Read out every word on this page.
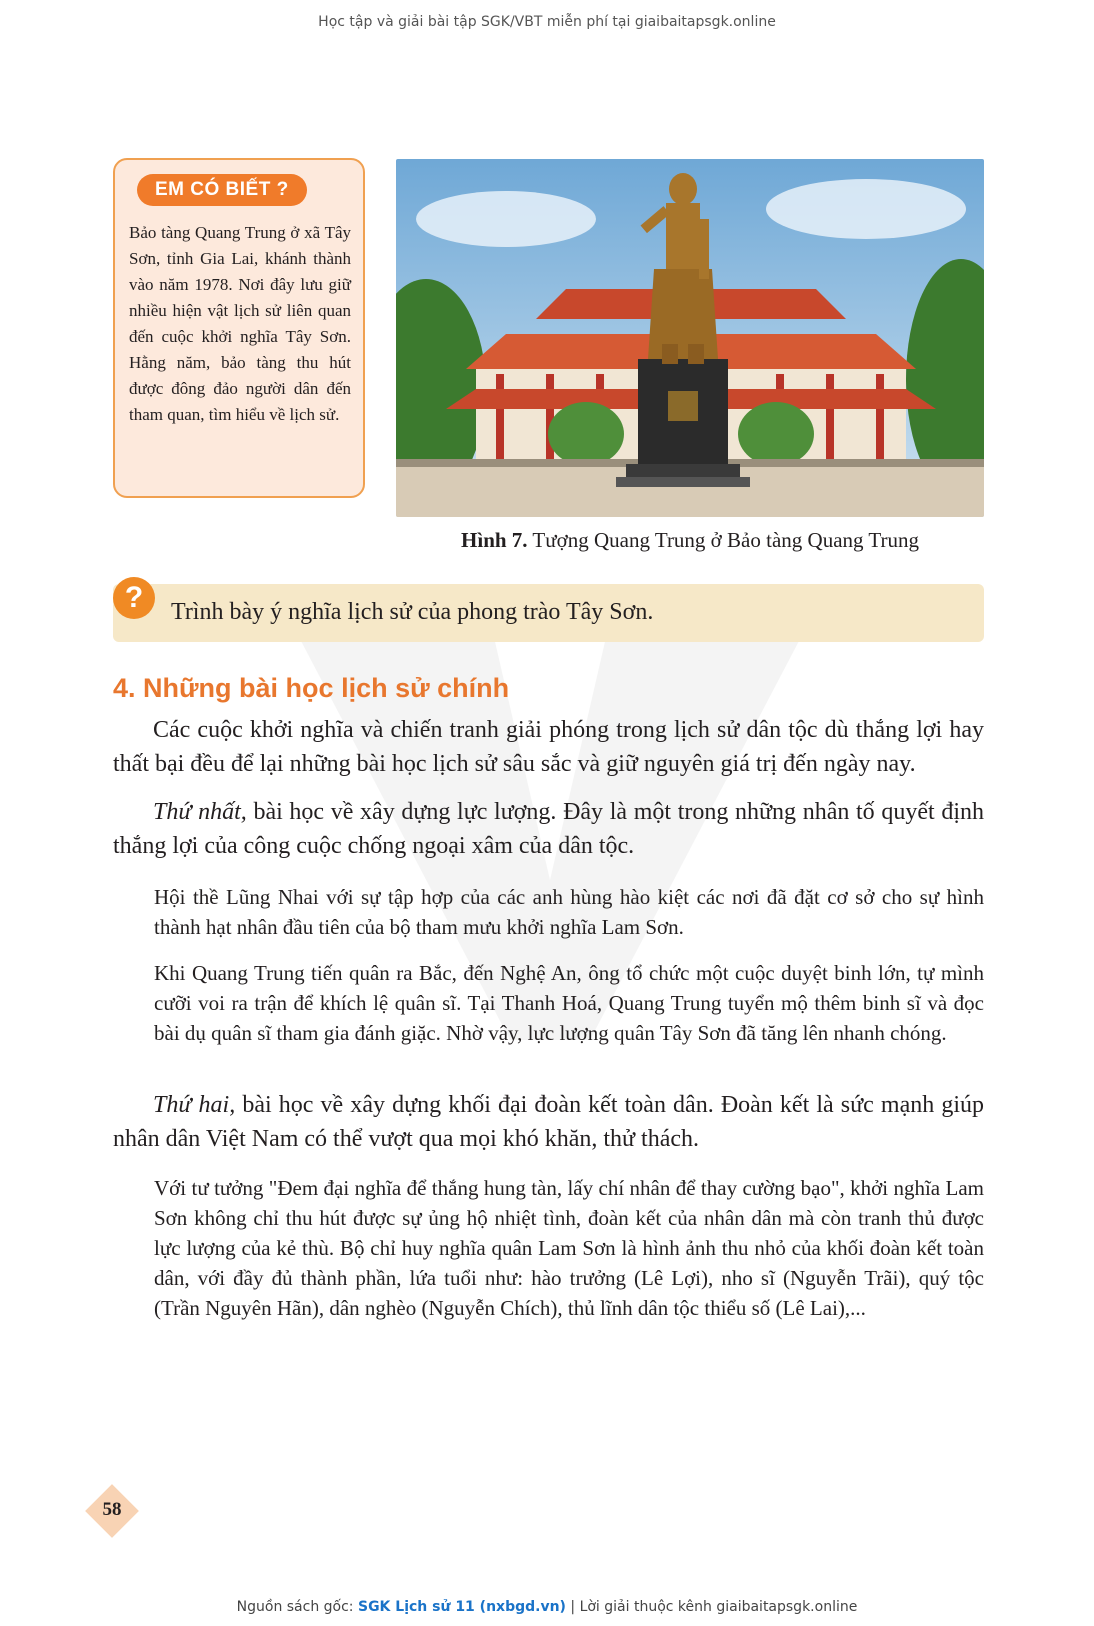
Học tập và giải bài tập SGK/VBT miễn phí tại giaibaitapsgk.online
EM CÓ BIẾT ?
Bảo tàng Quang Trung ở xã Tây Sơn, tỉnh Gia Lai, khánh thành vào năm 1978. Nơi đây lưu giữ nhiều hiện vật lịch sử liên quan đến cuộc khởi nghĩa Tây Sơn. Hằng năm, bảo tàng thu hút được đông đảo người dân đến tham quan, tìm hiểu về lịch sử.
Hình 7. Tượng Quang Trung ở Bảo tàng Quang Trung
?	Trình bày ý nghĩa lịch sử của phong trào Tây Sơn.
4. Những bài học lịch sử chính
Các cuộc khởi nghĩa và chiến tranh giải phóng trong lịch sử dân tộc dù thắng lợi hay thất bại đều để lại những bài học lịch sử sâu sắc và giữ nguyên giá trị đến ngày nay.
Thứ nhất, bài học về xây dựng lực lượng. Đây là một trong những nhân tố quyết định thắng lợi của công cuộc chống ngoại xâm của dân tộc.
Hội thề Lũng Nhai với sự tập hợp của các anh hùng hào kiệt các nơi đã đặt cơ sở cho sự hình thành hạt nhân đầu tiên của bộ tham mưu khởi nghĩa Lam Sơn.
Khi Quang Trung tiến quân ra Bắc, đến Nghệ An, ông tổ chức một cuộc duyệt binh lớn, tự mình cưỡi voi ra trận để khích lệ quân sĩ. Tại Thanh Hoá, Quang Trung tuyển mộ thêm binh sĩ và đọc bài dụ quân sĩ tham gia đánh giặc. Nhờ vậy, lực lượng quân Tây Sơn đã tăng lên nhanh chóng.
Thứ hai, bài học về xây dựng khối đại đoàn kết toàn dân. Đoàn kết là sức mạnh giúp nhân dân Việt Nam có thể vượt qua mọi khó khăn, thử thách.
Với tư tưởng "Đem đại nghĩa để thắng hung tàn, lấy chí nhân để thay cường bạo", khởi nghĩa Lam Sơn không chỉ thu hút được sự ủng hộ nhiệt tình, đoàn kết của nhân dân mà còn tranh thủ được lực lượng của kẻ thù. Bộ chỉ huy nghĩa quân Lam Sơn là hình ảnh thu nhỏ của khối đoàn kết toàn dân, với đầy đủ thành phần, lứa tuổi như: hào trưởng (Lê Lợi), nho sĩ (Nguyễn Trãi), quý tộc (Trần Nguyên Hãn), dân nghèo (Nguyễn Chích), thủ lĩnh dân tộc thiểu số (Lê Lai),...
58
Nguồn sách gốc: SGK Lịch sử 11 (nxbgd.vn) | Lời giải thuộc kênh giaibaitapsgk.online
